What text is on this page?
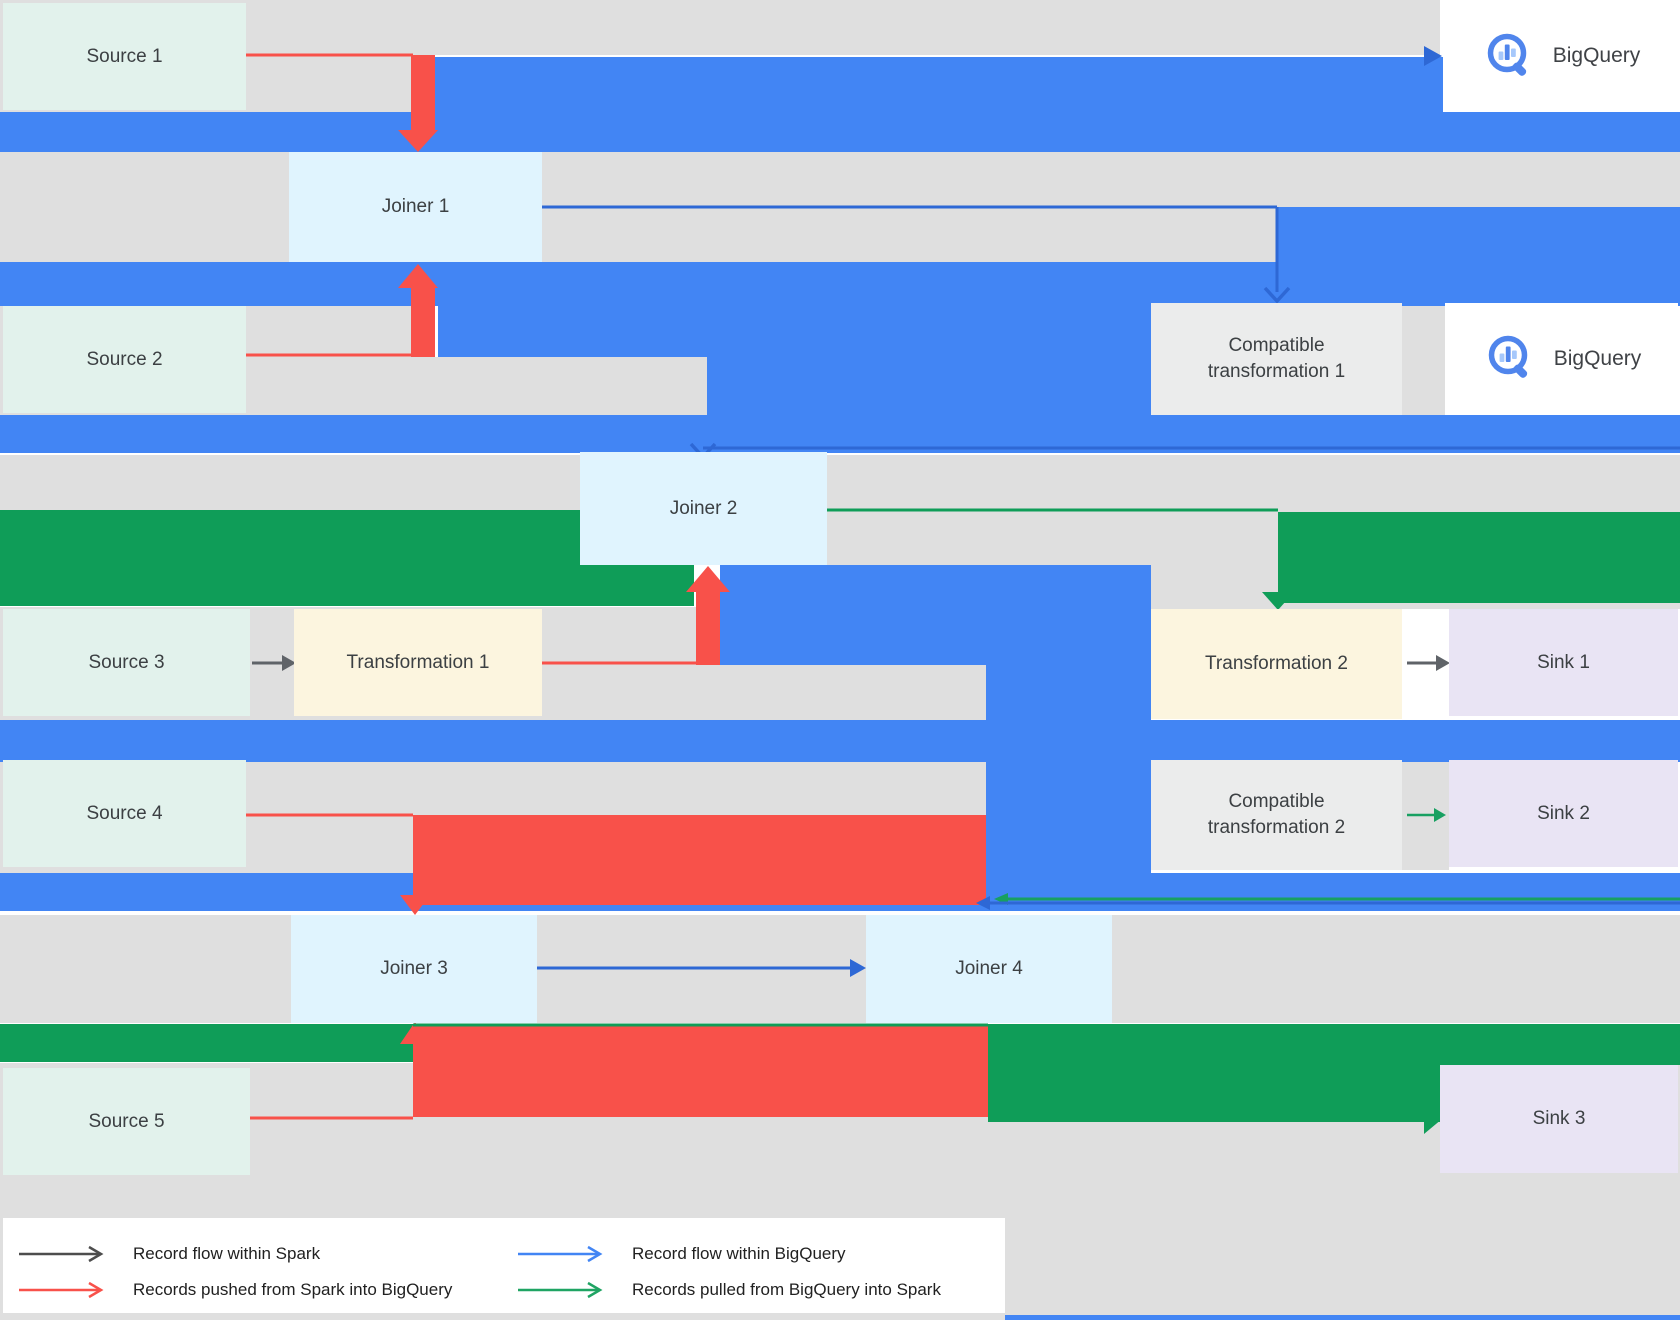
Source 1	BigQuery
Joiner 1
Source 2
Compatible transformation 1
BigQuery
Joiner 2
Source 3	Transformation 1	Transformation 2	Sink 1
Source 4
Compatible transformation 2
Sink 2
Joiner 3	Joiner 4
Source 5	Sink 3
Record flow within Spark
Records pushed from Spark into BigQuery
Record flow within BigQuery
Records pulled from BigQuery into Spark
